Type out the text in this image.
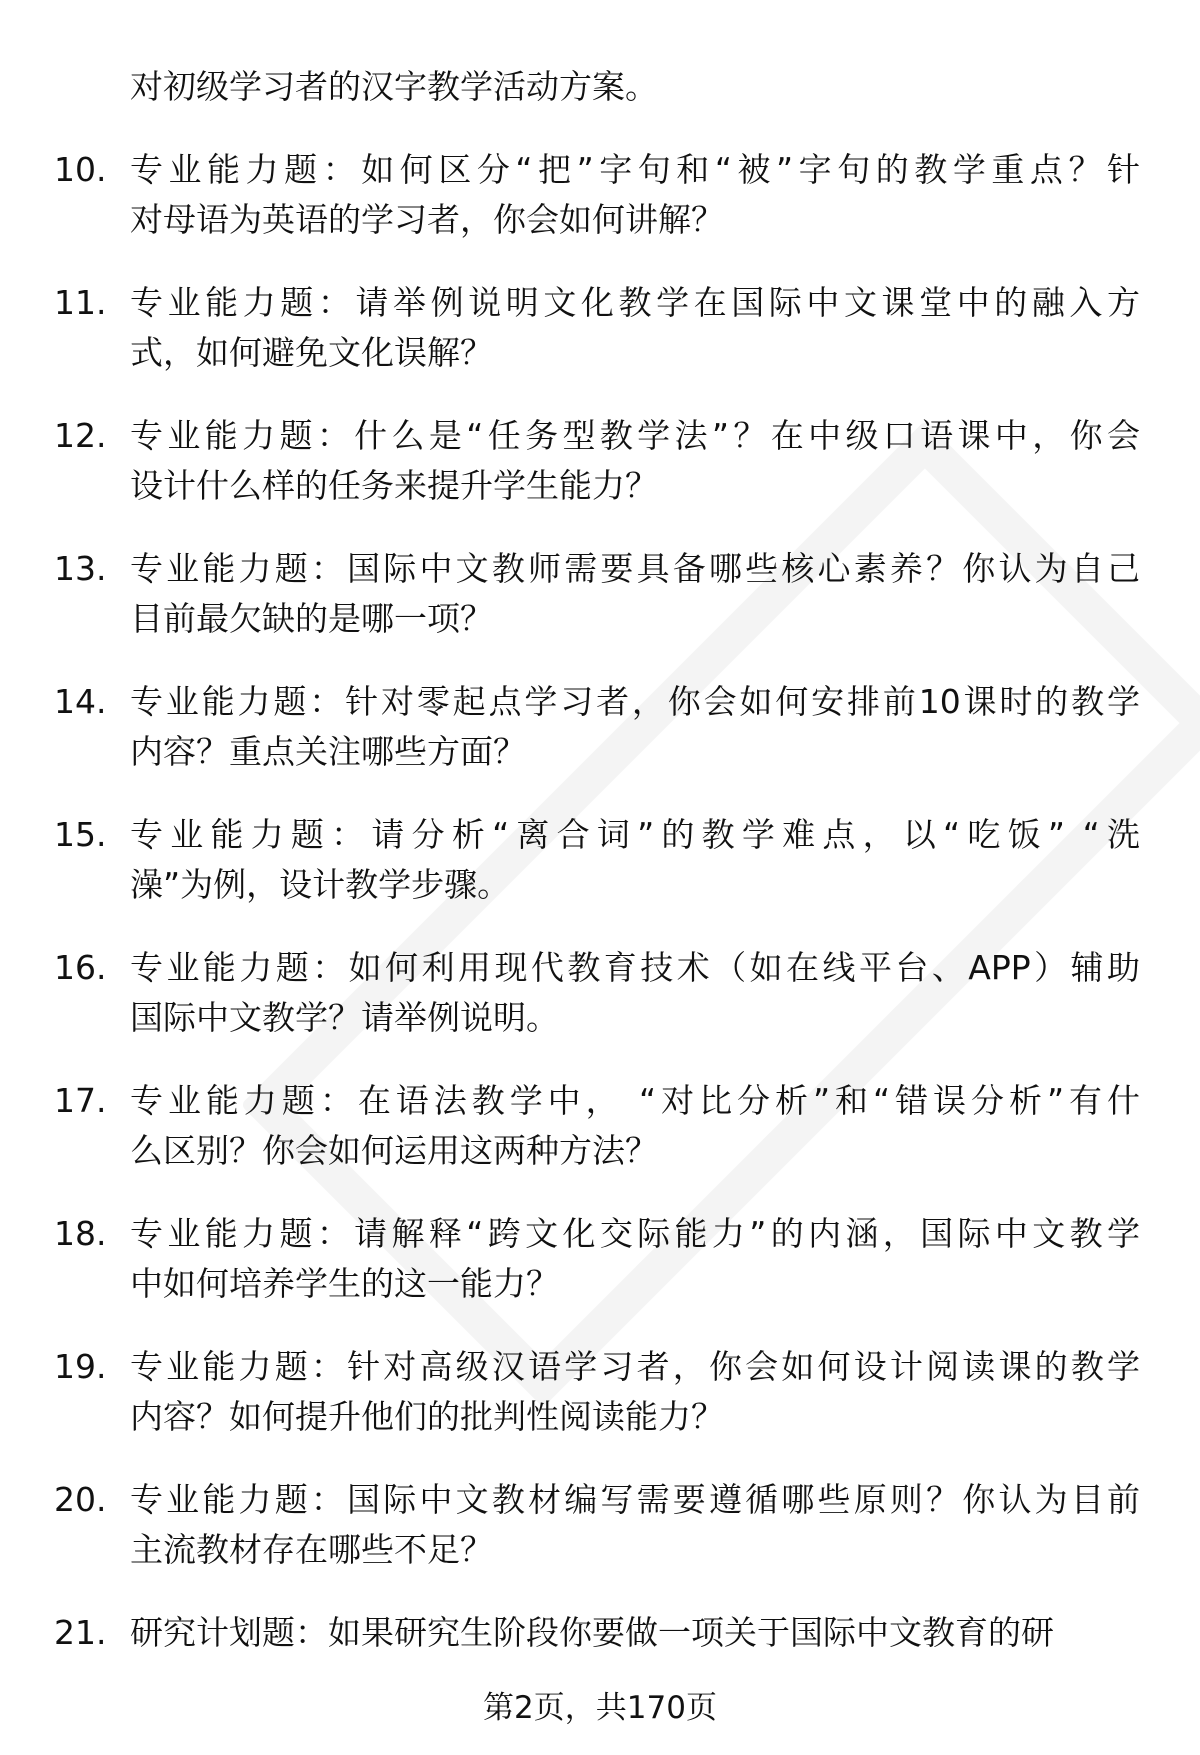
对初级学习者的汉字教学活动方案。
10. 专业能力题：如何区分“把”字句和“被”字句的教学重点？针
对母语为英语的学习者，你会如何讲解？
11. 专业能力题：请举例说明文化教学在国际中文课堂中的融入方
式，如何避免文化误解？
12. 专业能力题：什么是“任务型教学法”？在中级口语课中，你会
设计什么样的任务来提升学生能力？
13. 专业能力题：国际中文教师需要具备哪些核心素养？你认为自己
目前最欠缺的是哪一项？
14. 专业能力题：针对零起点学习者，你会如何安排前10课时的教学
内容？重点关注哪些方面？
15. 专业能力题：请分析“离合词”的教学难点，以“吃饭” “洗
澡”为例，设计教学步骤。
16. 专业能力题：如何利用现代教育技术（如在线平台、APP）辅助
国际中文教学？请举例说明。
17. 专业能力题：在语法教学中， “对比分析”和“错误分析”有什
么区别？你会如何运用这两种方法？
18. 专业能力题：请解释“跨文化交际能力”的内涵，国际中文教学
中如何培养学生的这一能力？
19. 专业能力题：针对高级汉语学习者，你会如何设计阅读课的教学
内容？如何提升他们的批判性阅读能力？
20. 专业能力题：国际中文教材编写需要遵循哪些原则？你认为目前
主流教材存在哪些不足？
21. 研究计划题：如果研究生阶段你要做一项关于国际中文教育的研
第2页，共170页
